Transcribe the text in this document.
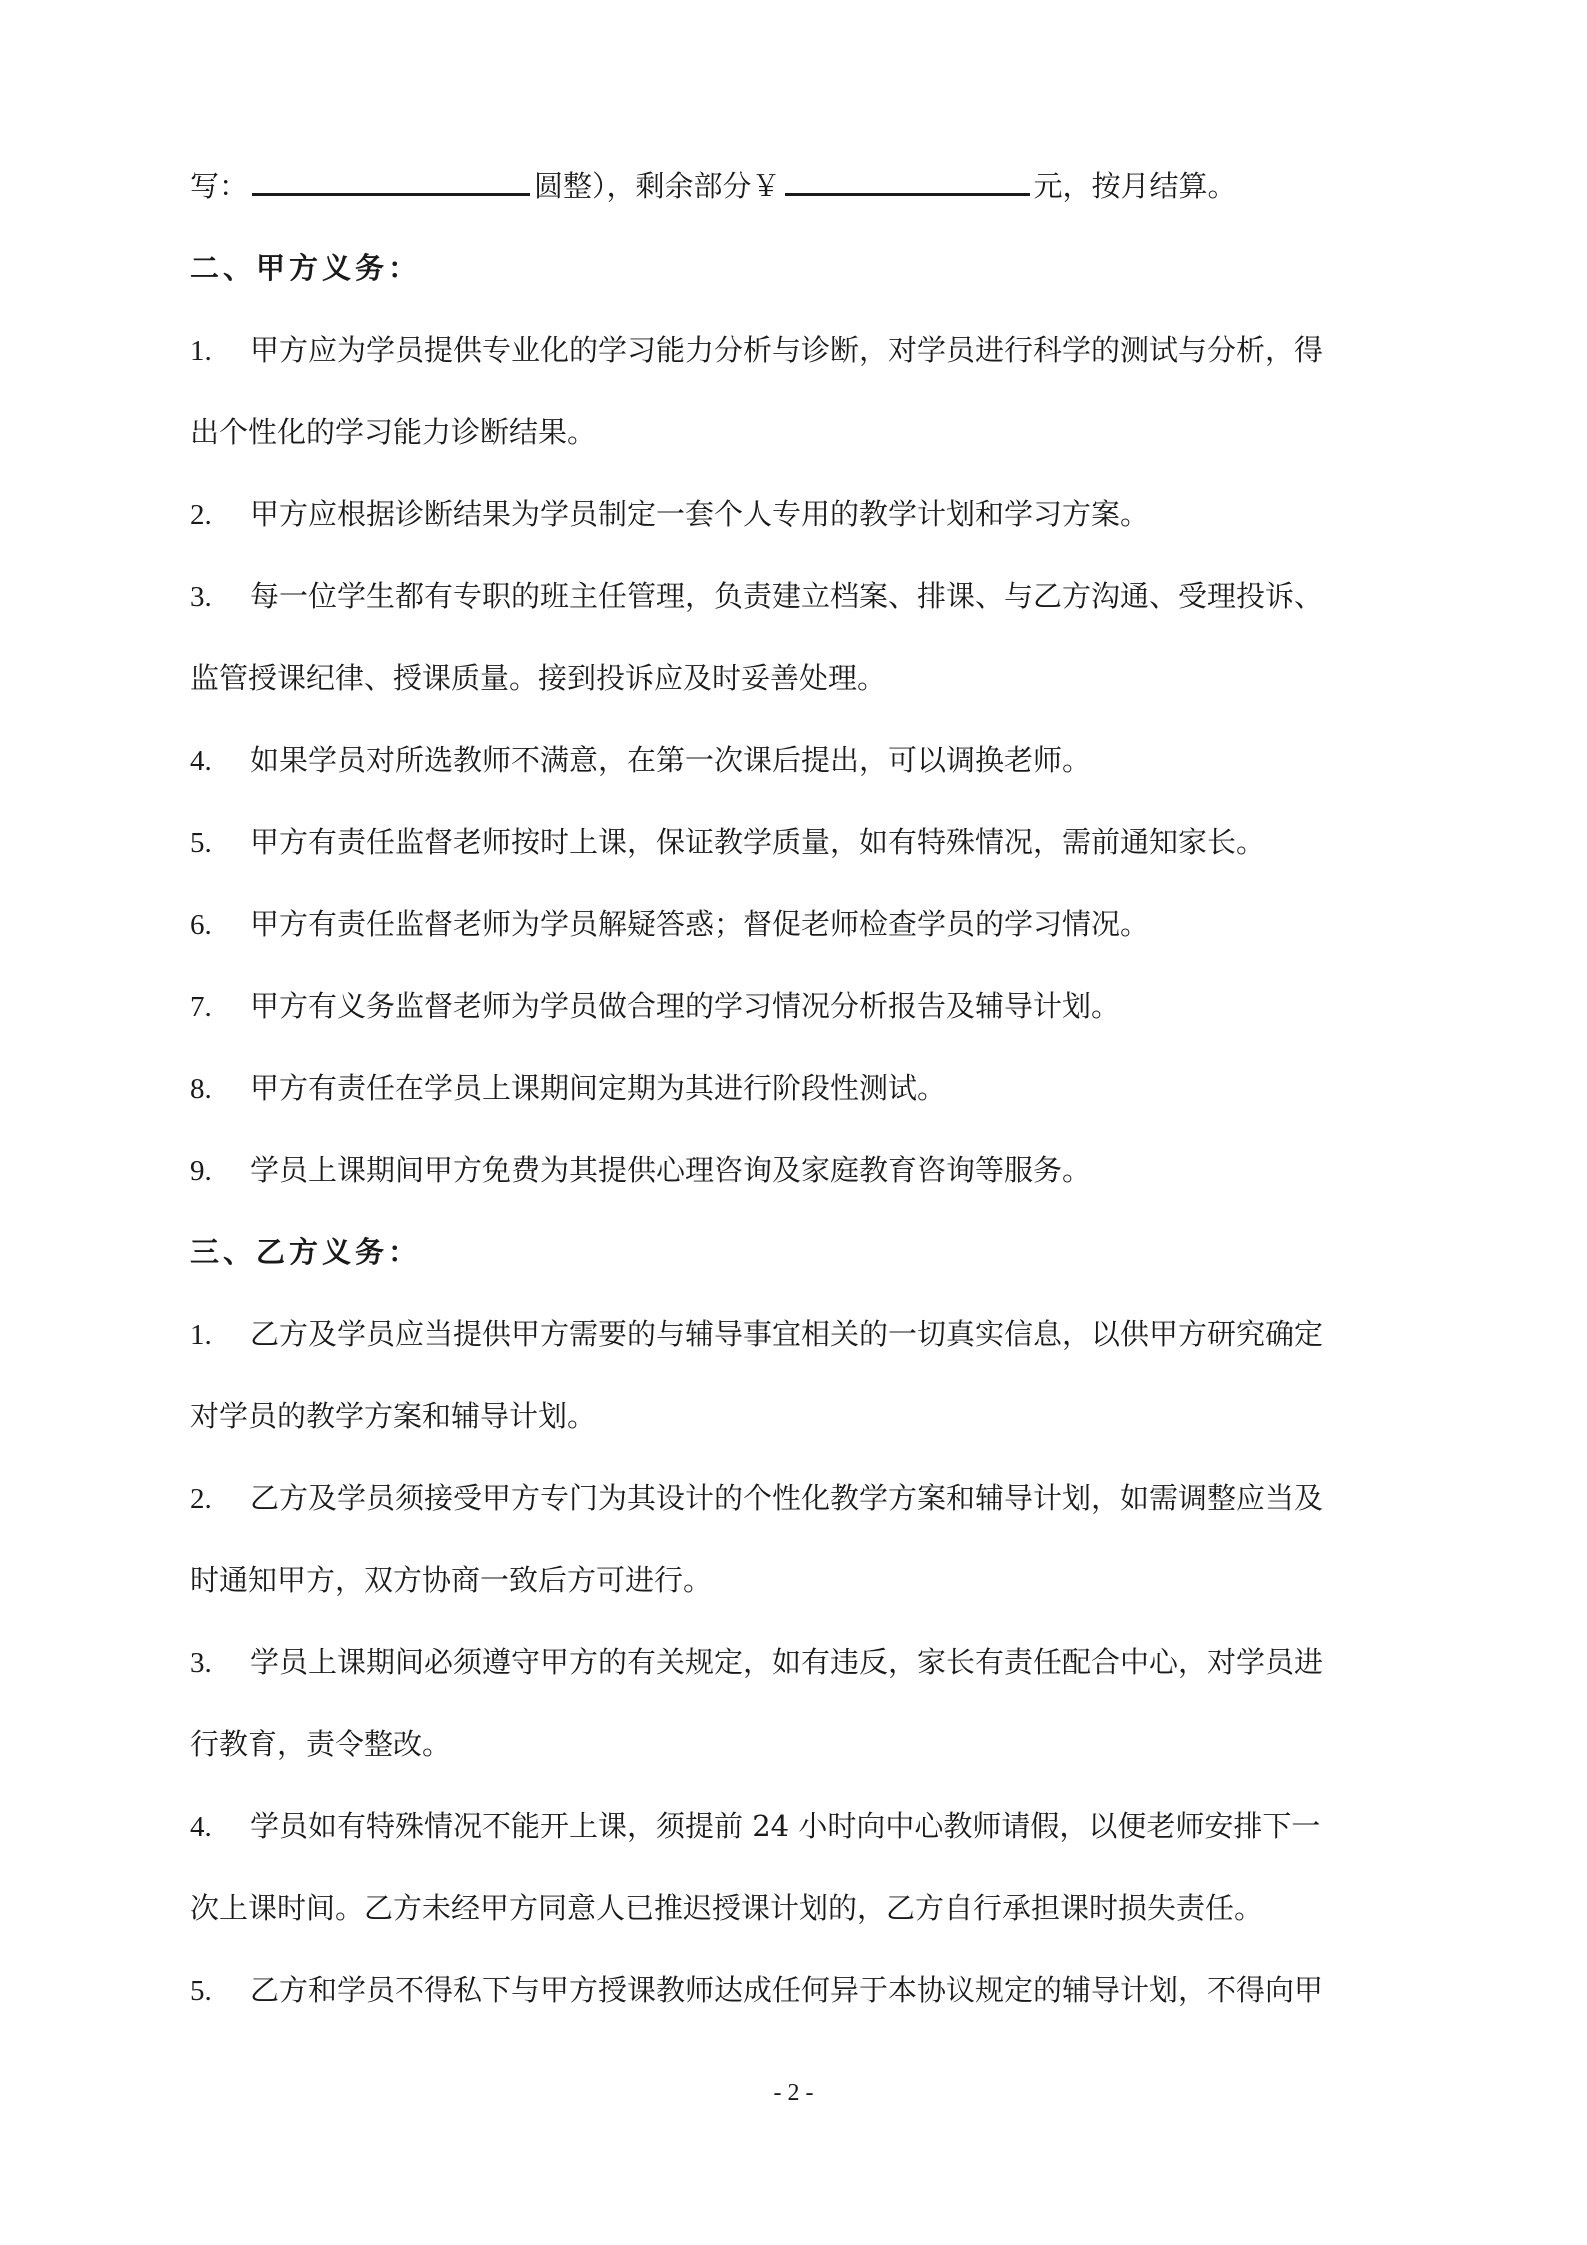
写：	圆整），剩余部分￥	元，按月结算。
二、甲方义务：
1. 甲方应为学员提供专业化的学习能力分析与诊断，对学员进行科学的测试与分析，得
出个性化的学习能力诊断结果。
2. 甲方应根据诊断结果为学员制定一套个人专用的教学计划和学习方案。
3. 每一位学生都有专职的班主任管理，负责建立档案、排课、与乙方沟通、受理投诉、
监管授课纪律、授课质量。接到投诉应及时妥善处理。
4. 如果学员对所选教师不满意，在第一次课后提出，可以调换老师。
5. 甲方有责任监督老师按时上课，保证教学质量，如有特殊情况，需前通知家长。
6. 甲方有责任监督老师为学员解疑答惑；督促老师检查学员的学习情况。
7. 甲方有义务监督老师为学员做合理的学习情况分析报告及辅导计划。
8. 甲方有责任在学员上课期间定期为其进行阶段性测试。
9. 学员上课期间甲方免费为其提供心理咨询及家庭教育咨询等服务。
三、乙方义务：
1. 乙方及学员应当提供甲方需要的与辅导事宜相关的一切真实信息，以供甲方研究确定
对学员的教学方案和辅导计划。
2. 乙方及学员须接受甲方专门为其设计的个性化教学方案和辅导计划，如需调整应当及
时通知甲方，双方协商一致后方可进行。
3. 学员上课期间必须遵守甲方的有关规定，如有违反，家长有责任配合中心，对学员进
行教育，责令整改。
4. 学员如有特殊情况不能开上课，须提前 24 小时向中心教师请假，以便老师安排下一
次上课时间。乙方未经甲方同意人已推迟授课计划的，乙方自行承担课时损失责任。
5. 乙方和学员不得私下与甲方授课教师达成任何异于本协议规定的辅导计划，不得向甲
- 2 -
